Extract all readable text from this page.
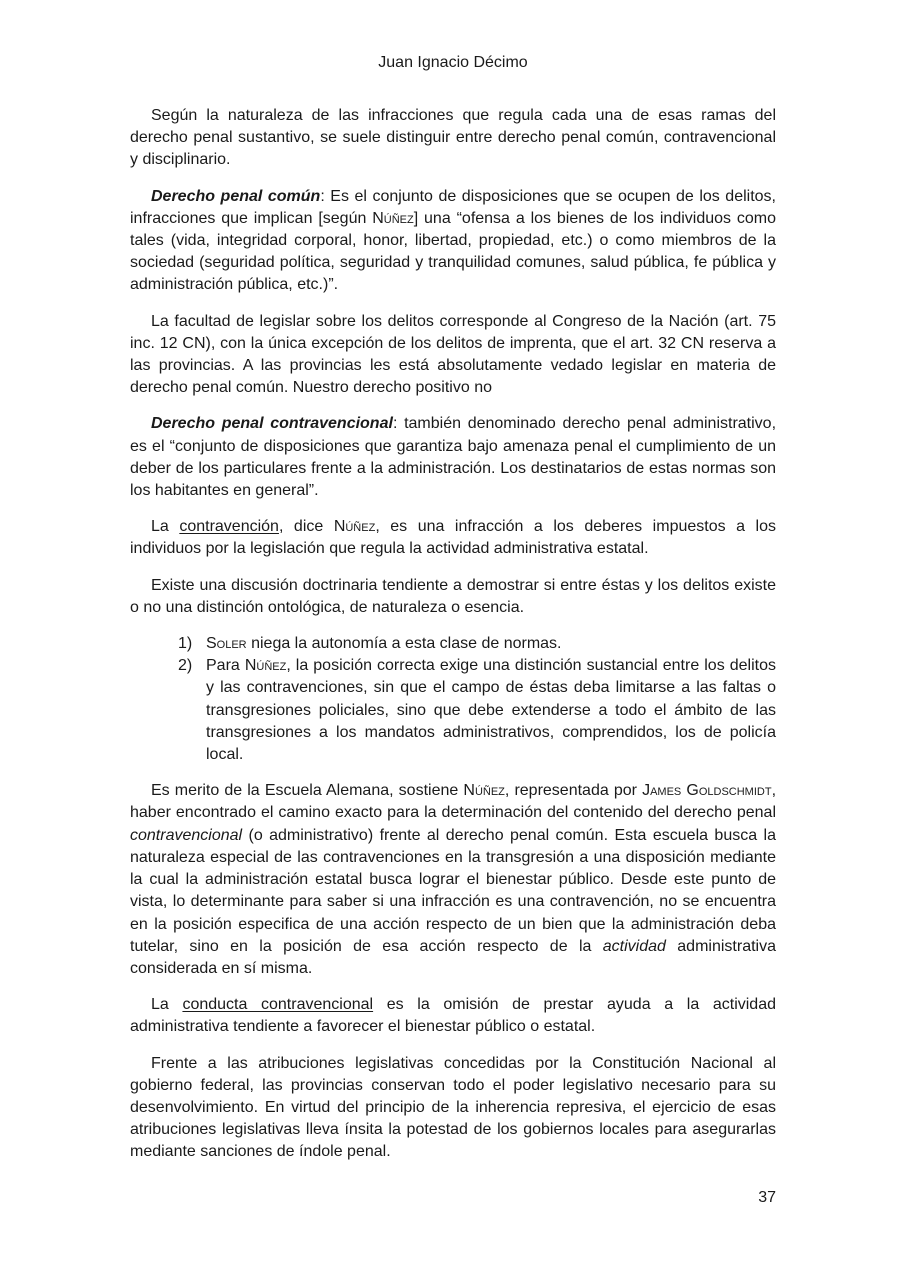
Juan Ignacio Décimo

Según la naturaleza de las infracciones que regula cada una de esas ramas del derecho penal sustantivo, se suele distinguir entre derecho penal común, contravencional y disciplinario.

Derecho penal común: Es el conjunto de disposiciones que se ocupen de los delitos, infracciones que implican [según Núñez] una “ofensa a los bienes de los individuos como tales (vida, integridad corporal, honor, libertad, propiedad, etc.) o como miembros de la sociedad (seguridad política, seguridad y tranquilidad comunes, salud pública, fe pública y administración pública, etc.)”.

La facultad de legislar sobre los delitos corresponde al Congreso de la Nación (art. 75 inc. 12 CN), con la única excepción de los delitos de imprenta, que el art. 32 CN reserva a las provincias. A las provincias les está absolutamente vedado legislar en materia de derecho penal común. Nuestro derecho positivo no

Derecho penal contravencional: también denominado derecho penal administrativo, es el “conjunto de disposiciones que garantiza bajo amenaza penal el cumplimiento de un deber de los particulares frente a la administración. Los destinatarios de estas normas son los habitantes en general”.

La contravención, dice Núñez, es una infracción a los deberes impuestos a los individuos por la legislación que regula la actividad administrativa estatal.

Existe una discusión doctrinaria tendiente a demostrar si entre éstas y los delitos existe o no una distinción ontológica, de naturaleza o esencia.

1) Soler niega la autonomía a esta clase de normas.
2) Para Núñez, la posición correcta exige una distinción sustancial entre los delitos y las contravenciones, sin que el campo de éstas deba limitarse a las faltas o transgresiones policiales, sino que debe extenderse a todo el ámbito de las transgresiones a los mandatos administrativos, comprendidos, los de policía local.

Es merito de la Escuela Alemana, sostiene Núñez, representada por James Goldschmidt, haber encontrado el camino exacto para la determinación del contenido del derecho penal contravencional (o administrativo) frente al derecho penal común. Esta escuela busca la naturaleza especial de las contravenciones en la transgresión a una disposición mediante la cual la administración estatal busca lograr el bienestar público. Desde este punto de vista, lo determinante para saber si una infracción es una contravención, no se encuentra en la posición especifica de una acción respecto de un bien que la administración deba tutelar, sino en la posición de esa acción respecto de la actividad administrativa considerada en sí misma.

La conducta contravencional es la omisión de prestar ayuda a la actividad administrativa tendiente a favorecer el bienestar público o estatal.

Frente a las atribuciones legislativas concedidas por la Constitución Nacional al gobierno federal, las provincias conservan todo el poder legislativo necesario para su desenvolvimiento. En virtud del principio de la inherencia represiva, el ejercicio de esas atribuciones legislativas lleva ínsita la potestad de los gobiernos locales para asegurarlas mediante sanciones de índole penal.

37
